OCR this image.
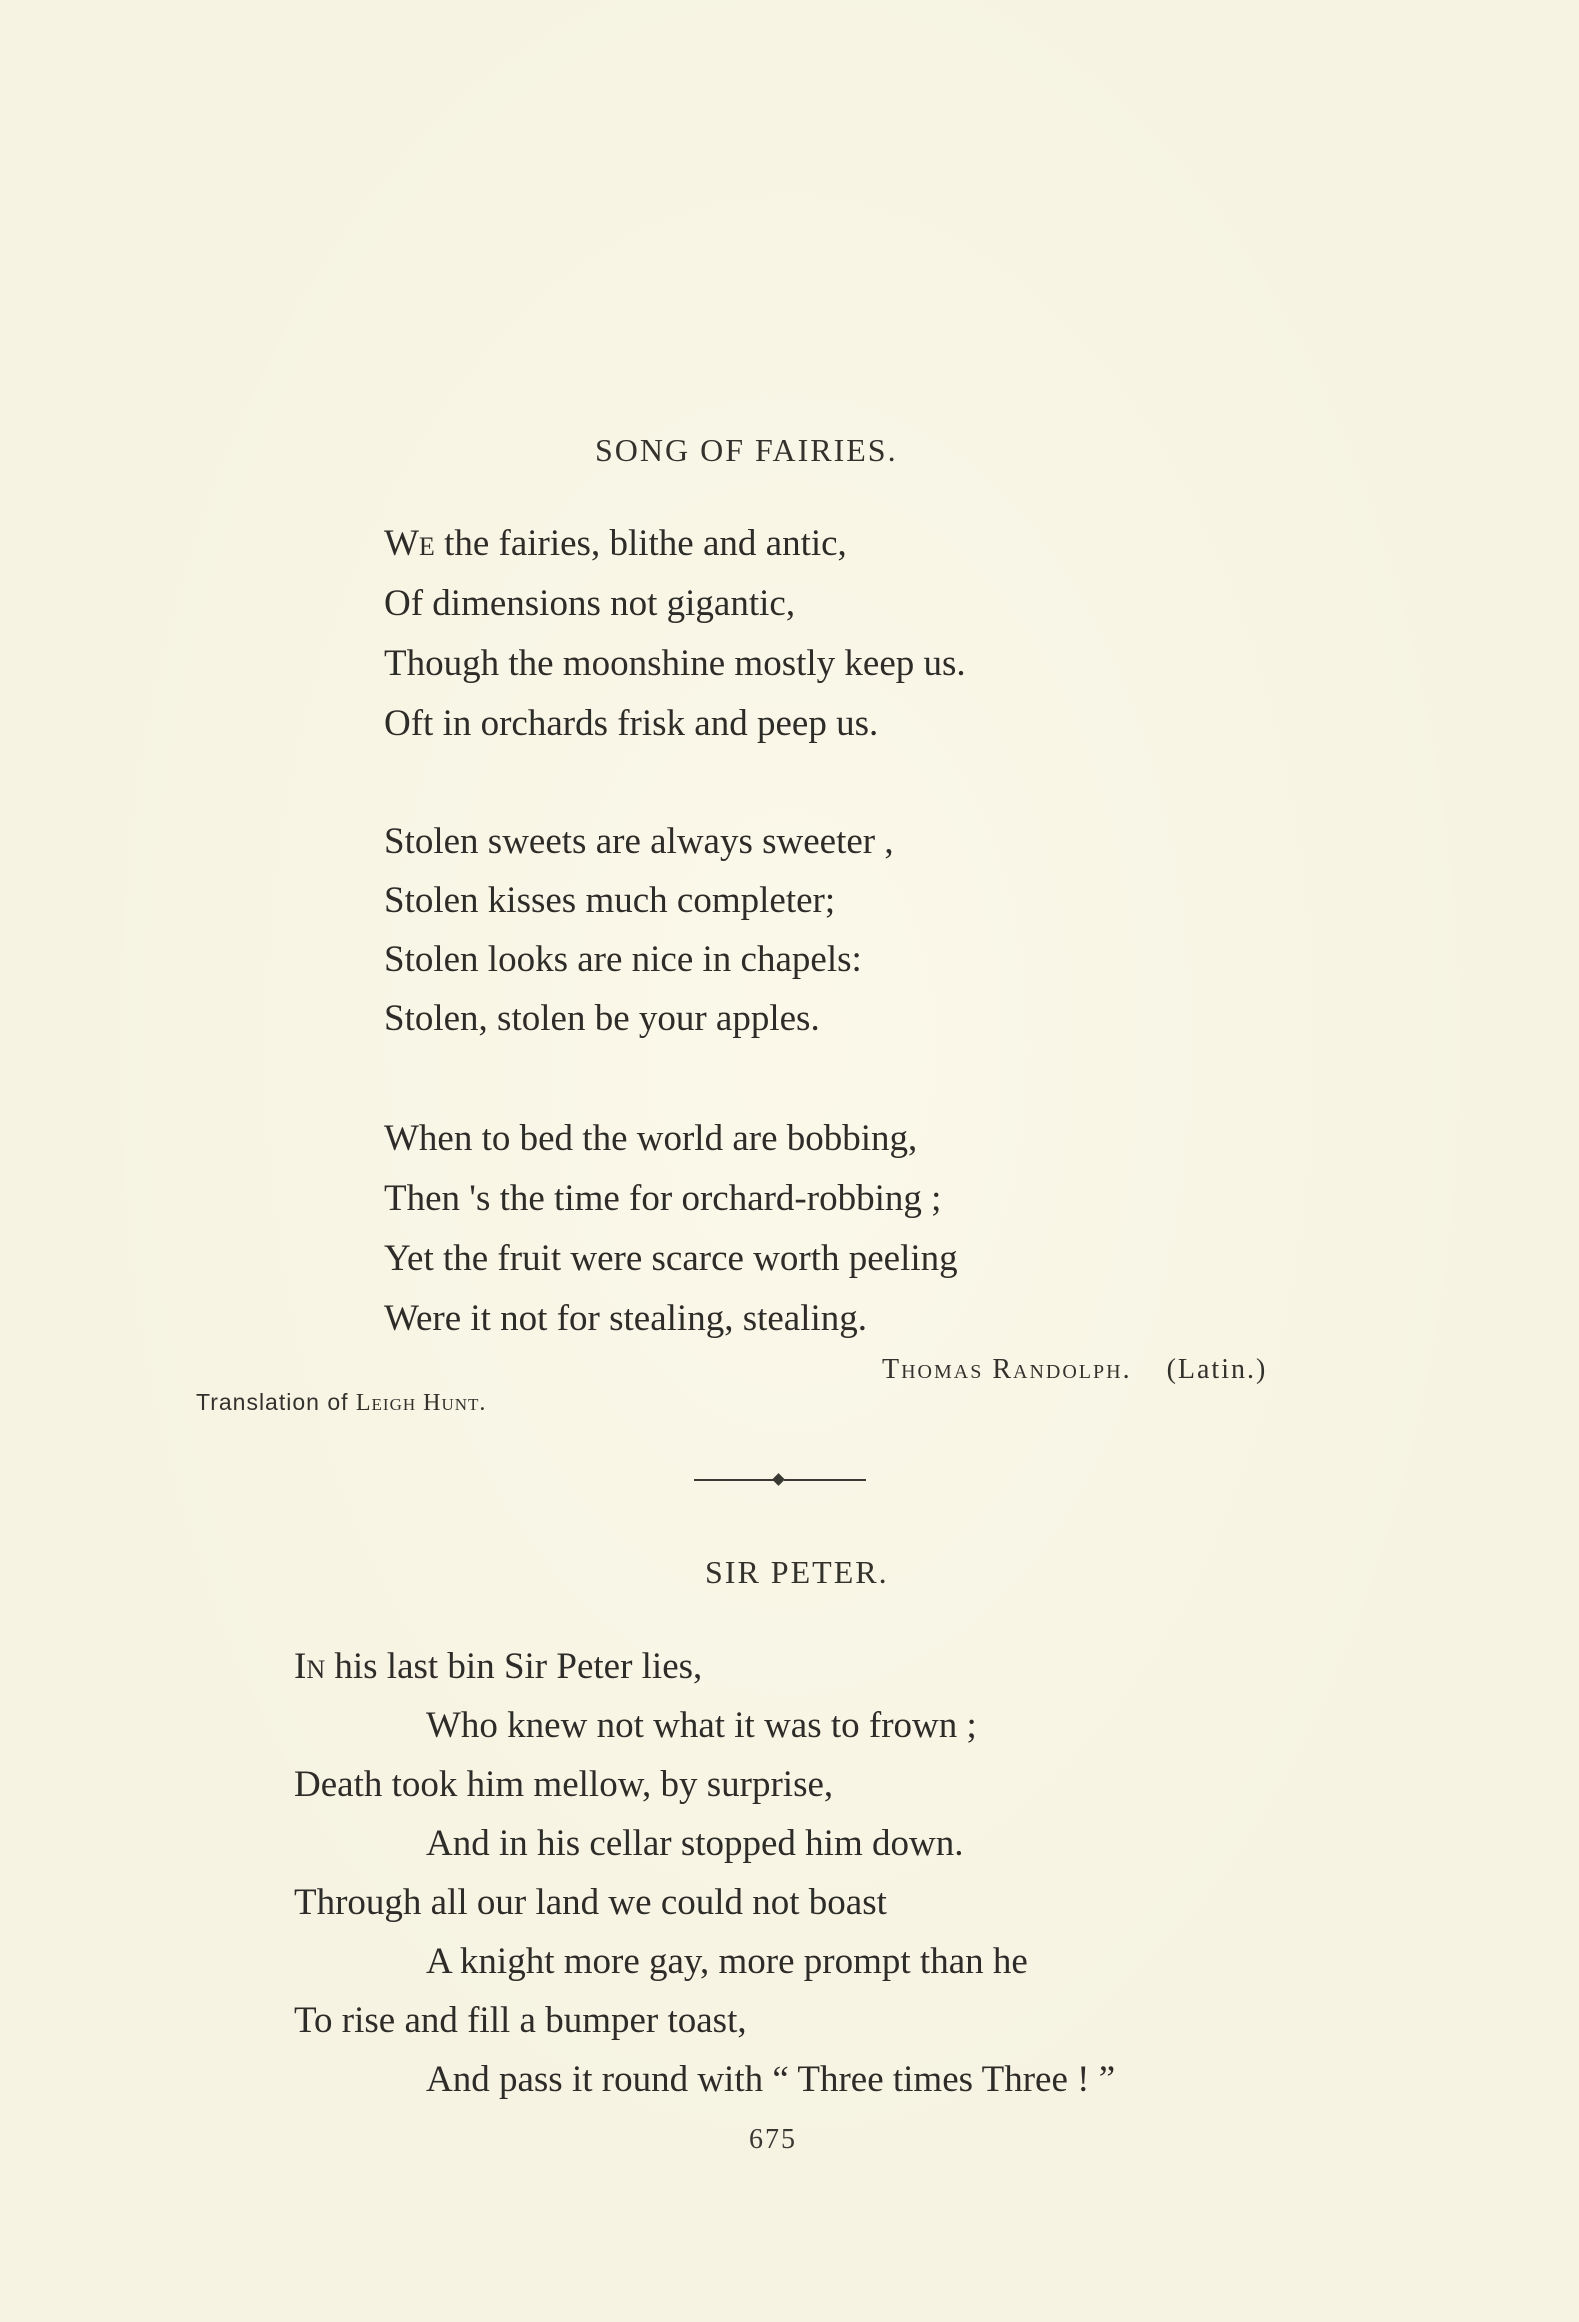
SONG OF FAIRIES.
We the fairies, blithe and antic,
Of dimensions not gigantic,
Though the moonshine mostly keep us.
Oft in orchards frisk and peep us.
Stolen sweets are always sweeter ,
Stolen kisses much completer;
Stolen looks are nice in chapels:
Stolen, stolen be your apples.
When to bed the world are bobbing,
Then 's the time for orchard-robbing ;
Yet the fruit were scarce worth peeling
Were it not for stealing, stealing.
Thomas Randolph. (Latin.)
Translation of Leigh Hunt.
SIR PETER.
In his last bin Sir Peter lies,
Who knew not what it was to frown ;
Death took him mellow, by surprise,
And in his cellar stopped him down.
Through all our land we could not boast
A knight more gay, more prompt than he
To rise and fill a bumper toast,
And pass it round with “ Three times Three ! ”
675
